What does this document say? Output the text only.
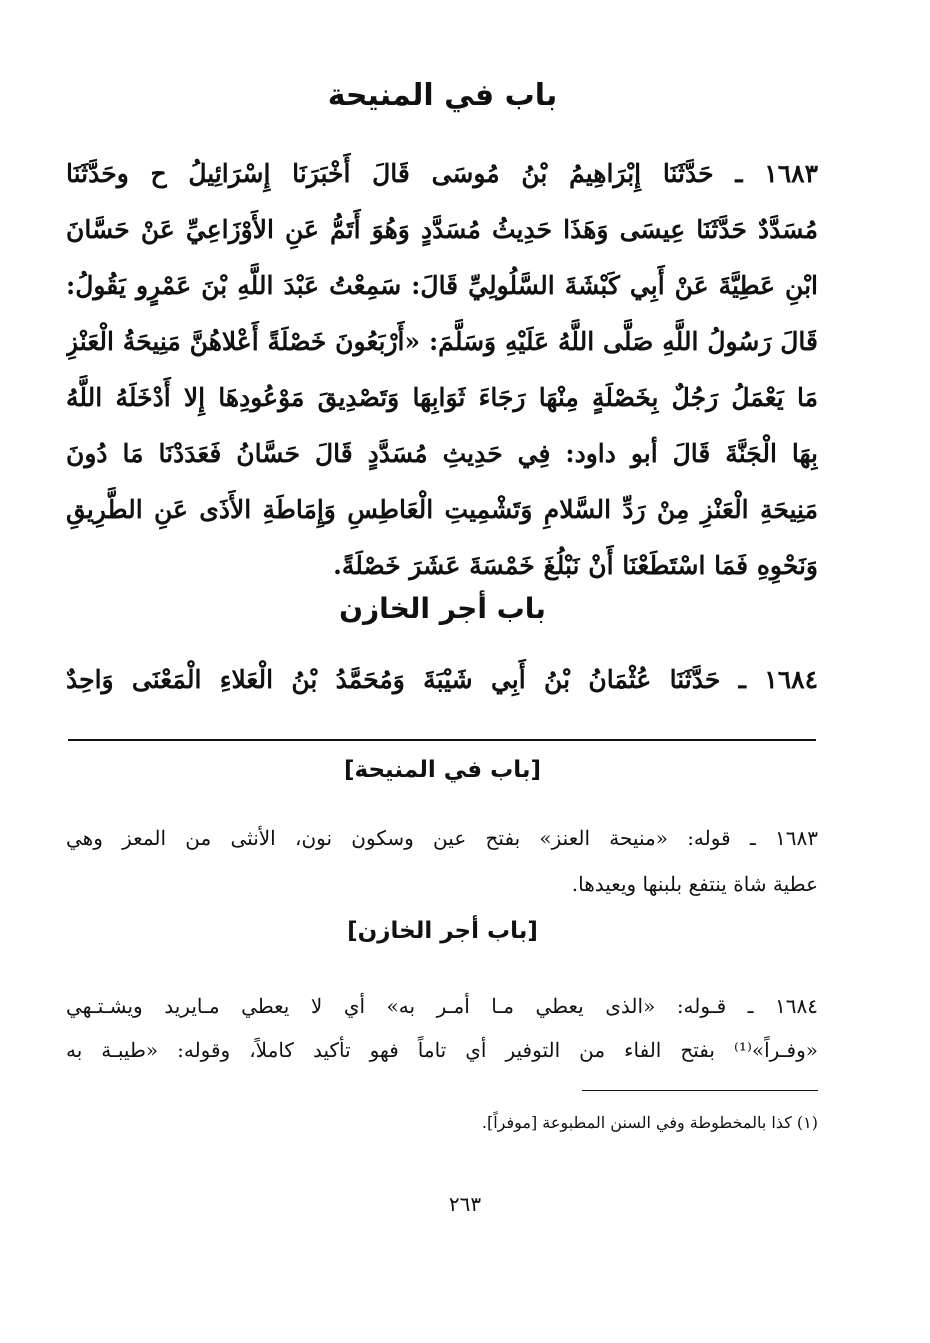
باب في المنيحة
١٦٨٣ ـ حَدَّثَنَا إِبْرَاهِيمُ بْنُ مُوسَى قَالَ أَخْبَرَنَا إِسْرَائِيلُ ح وحَدَّثَنَا
مُسَدَّدٌ حَدَّثَنَا عِيسَى وَهَذَا حَدِيثُ مُسَدَّدٍ وَهُوَ أَتَمُّ عَنِ الأَوْزَاعِيِّ عَنْ حَسَّانَ
ابْنِ عَطِيَّةَ عَنْ أَبِي كَبْشَةَ السَّلُولِيِّ قَالَ: سَمِعْتُ عَبْدَ اللَّهِ بْنَ عَمْرٍو يَقُولُ:
قَالَ رَسُولُ اللَّهِ صَلَّى اللَّهُ عَلَيْهِ وَسَلَّمَ: «أَرْبَعُونَ خَصْلَةً أَعْلاهُنَّ مَنِيحَةُ الْعَنْزِ
مَا يَعْمَلُ رَجُلٌ بِخَصْلَةٍ مِنْهَا رَجَاءَ ثَوَابِهَا وَتَصْدِيقَ مَوْعُودِهَا إِلا أَدْخَلَهُ اللَّهُ
بِهَا الْجَنَّةَ قَالَ أبو داود: فِي حَدِيثِ مُسَدَّدٍ قَالَ حَسَّانُ فَعَدَدْنَا مَا دُونَ
مَنِيحَةِ الْعَنْزِ مِنْ رَدِّ السَّلامِ وَتَشْمِيتِ الْعَاطِسِ وَإِمَاطَةِ الأَذَى عَنِ الطَّرِيقِ
وَنَحْوِهِ فَمَا اسْتَطَعْنَا أَنْ نَبْلُغَ خَمْسَةَ عَشَرَ خَصْلَةً.
باب أجر الخازن
١٦٨٤ ـ حَدَّثَنَا عُثْمَانُ بْنُ أَبِي شَيْبَةَ وَمُحَمَّدُ بْنُ الْعَلاءِ الْمَعْنَى وَاحِدٌ
[باب في المنيحة]
١٦٨٣ ـ قوله: «منيحة العنز» بفتح عين وسكون نون، الأنثى من المعز وهي
عطية شاة ينتفع بلبنها ويعيدها.
[باب أجر الخازن]
١٦٨٤ ـ قـوله: «الذى يعطي مـا أمـر به» أي لا يعطي مـايريد ويشـتـهي
«وفـراً»⁽¹⁾ بفتح الفاء من التوفير أي تاماً فهو تأكيد كاملاً، وقوله: «طيبـة به
(١) كذا بالمخطوطة وفي السنن المطبوعة [موفراً].
٢٦٣
